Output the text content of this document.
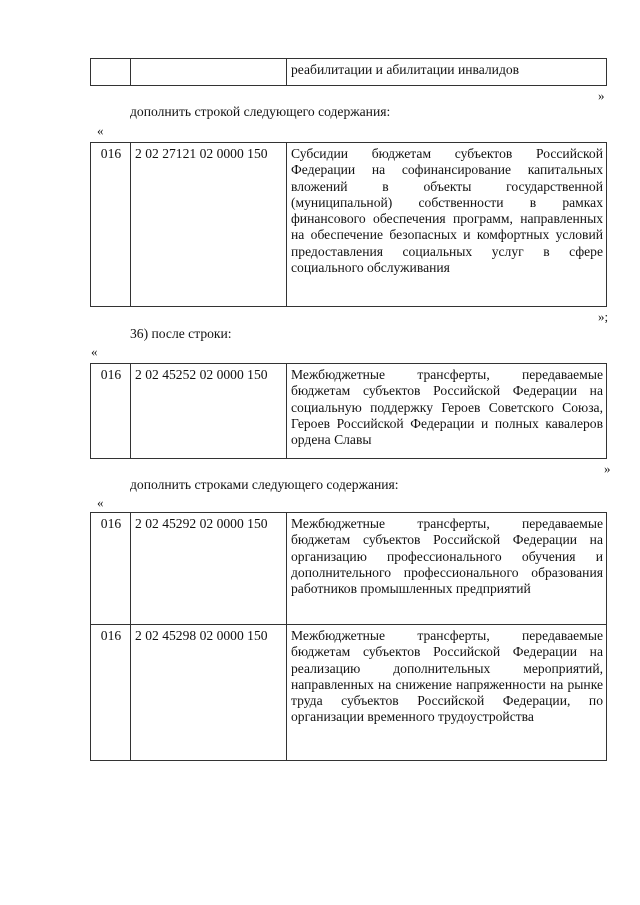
		реабилитации и абилитации инвалидов
»
дополнить строкой следующего содержания:
«
016	2 02 27121 02 0000 150	Субсидии бюджетам субъектов Российской Федерации на софинансирование капитальных вложений в объекты государственной (муниципальной) собственности в рамках финансового обеспечения программ, направленных на обеспечение безопасных и комфортных условий предоставления социальных услуг в сфере социального обслуживания
»;
36) после строки:
«
016	2 02 45252 02 0000 150	Межбюджетные трансферты, передаваемые бюджетам субъектов Российской Федерации на социальную поддержку Героев Советского Союза, Героев Российской Федерации и полных кавалеров ордена Славы
»
дополнить строками следующего содержания:
«
016	2 02 45292 02 0000 150	Межбюджетные трансферты, передаваемые бюджетам субъектов Российской Федерации на организацию профессионального обучения и дополнительного профессионального образования работников промышленных предприятий
016	2 02 45298 02 0000 150	Межбюджетные трансферты, передаваемые бюджетам субъектов Российской Федерации на реализацию дополнительных мероприятий, направленных на снижение напряженности на рынке труда субъектов Российской Федерации, по организации временного трудоустройства
